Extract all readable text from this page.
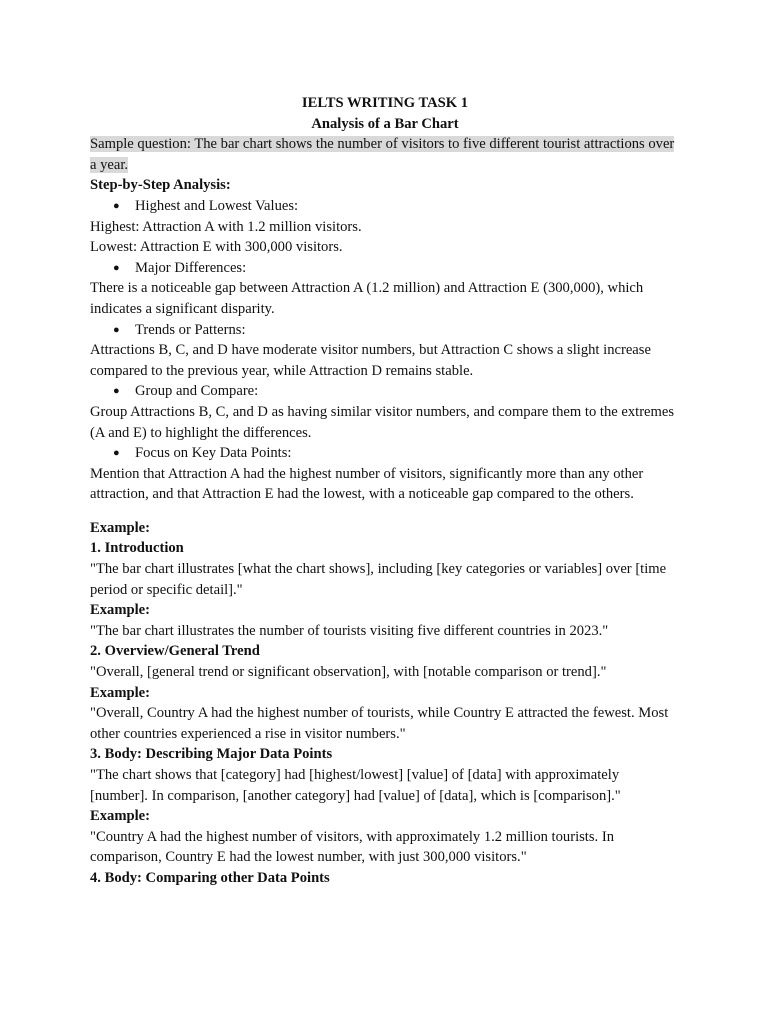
IELTS WRITING TASK 1

Analysis of a Bar Chart

Sample question: The bar chart shows the number of visitors to five different tourist attractions over a year.

Step-by-Step Analysis:

● Highest and Lowest Values:

Highest: Attraction A with 1.2 million visitors.

Lowest: Attraction E with 300,000 visitors.

● Major Differences:

There is a noticeable gap between Attraction A (1.2 million) and Attraction E (300,000), which indicates a significant disparity.

● Trends or Patterns:

Attractions B, C, and D have moderate visitor numbers, but Attraction C shows a slight increase compared to the previous year, while Attraction D remains stable.

● Group and Compare:

Group Attractions B, C, and D as having similar visitor numbers, and compare them to the extremes (A and E) to highlight the differences.

● Focus on Key Data Points:

Mention that Attraction A had the highest number of visitors, significantly more than any other attraction, and that Attraction E had the lowest, with a noticeable gap compared to the others.

Example:

1. Introduction

"The bar chart illustrates [what the chart shows], including [key categories or variables] over [time period or specific detail]."

Example:

"The bar chart illustrates the number of tourists visiting five different countries in 2023."

2. Overview/General Trend

"Overall, [general trend or significant observation], with [notable comparison or trend]."

Example:

"Overall, Country A had the highest number of tourists, while Country E attracted the fewest. Most other countries experienced a rise in visitor numbers."

3. Body: Describing Major Data Points

"The chart shows that [category] had [highest/lowest] [value] of [data] with approximately [number]. In comparison, [another category] had [value] of [data], which is [comparison]."

Example:

"Country A had the highest number of visitors, with approximately 1.2 million tourists. In comparison, Country E had the lowest number, with just 300,000 visitors."

4. Body: Comparing other Data Points
